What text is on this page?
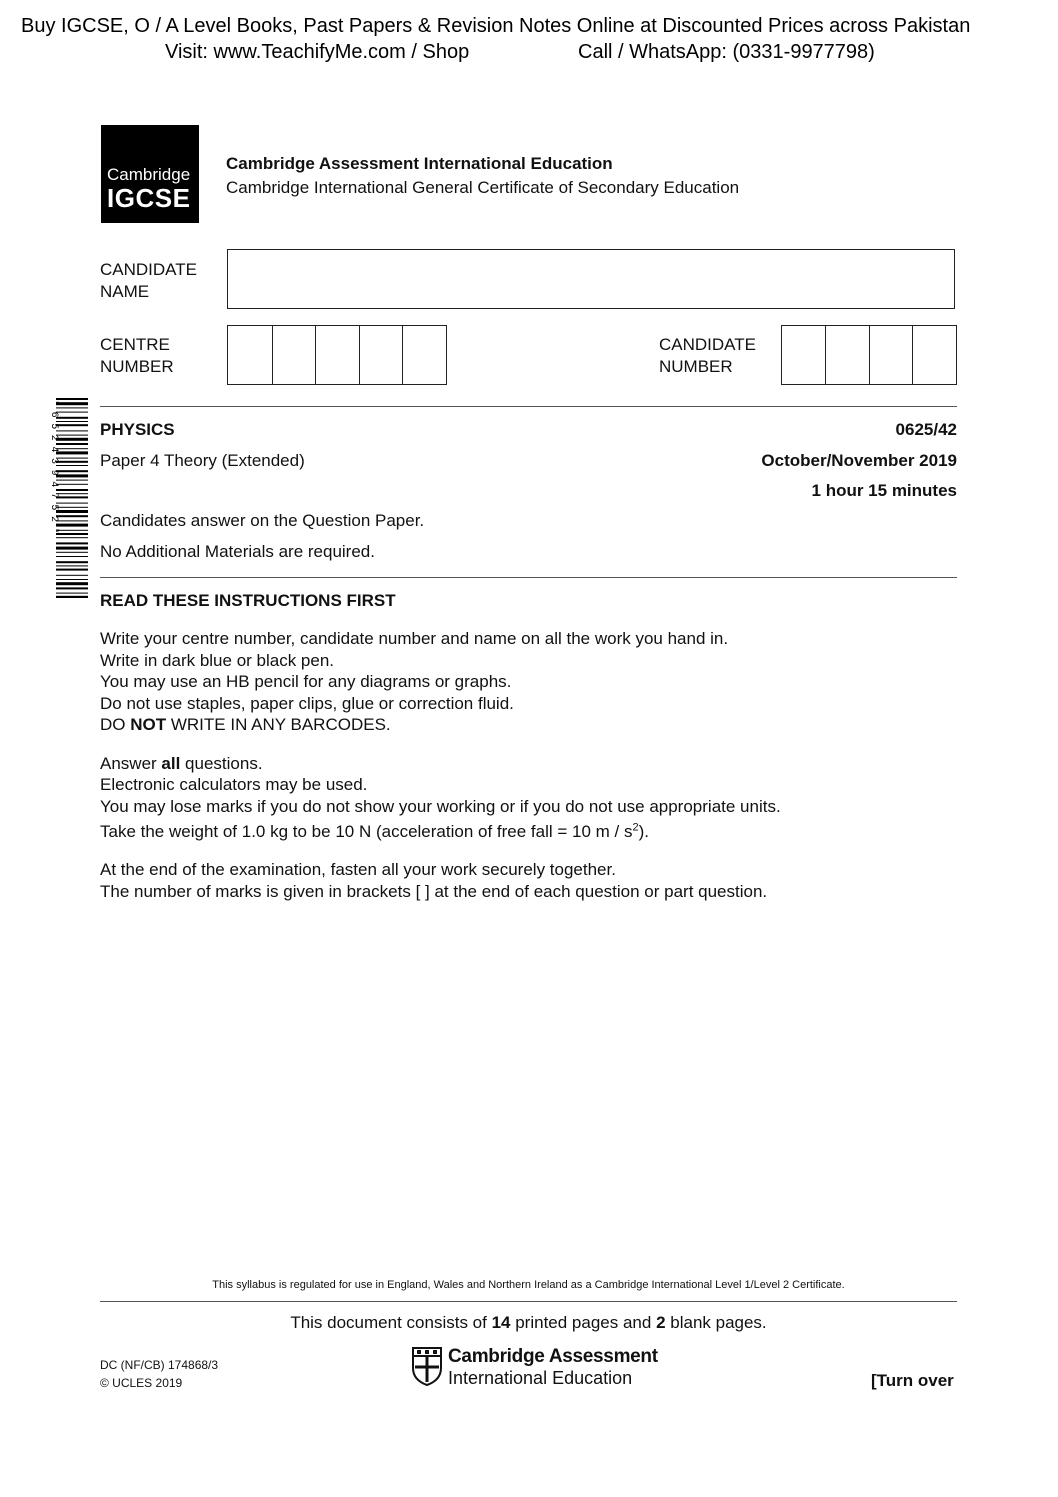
Buy IGCSE, O / A Level Books, Past Papers & Revision Notes Online at Discounted Prices across Pakistan
Visit: www.TeachifyMe.com / Shop	Call / WhatsApp: (0331-9977798)
Cambridge
IGCSE
Cambridge Assessment International Education
Cambridge International General Certificate of Secondary Education
CANDIDATE
NAME
CENTRE
NUMBER
CANDIDATE
NUMBER
*6524394752* PHYSICS	0625/42
Paper 4 Theory (Extended)	October/November 2019
1 hour 15 minutes
Candidates answer on the Question Paper.
No Additional Materials are required.
READ THESE INSTRUCTIONS FIRST

Write your centre number, candidate number and name on all the work you hand in.
Write in dark blue or black pen.
You may use an HB pencil for any diagrams or graphs.
Do not use staples, paper clips, glue or correction fluid.
DO NOT WRITE IN ANY BARCODES.

Answer all questions.
Electronic calculators may be used.
You may lose marks if you do not show your working or if you do not use appropriate units.
Take the weight of 1.0 kg to be 10 N (acceleration of free fall = 10 m / $s^2$).

At the end of the examination, fasten all your work securely together.
The number of marks is given in brackets [ ] at the end of each question or part question.

This syllabus is regulated for use in England, Wales and Northern Ireland as a Cambridge International Level 1/Level 2 Certificate.
This document consists of 14 printed pages and 2 blank pages.
DC (NF/CB) 174868/3
© UCLES 2019
Cambridge Assessment
International Education	[Turn over
